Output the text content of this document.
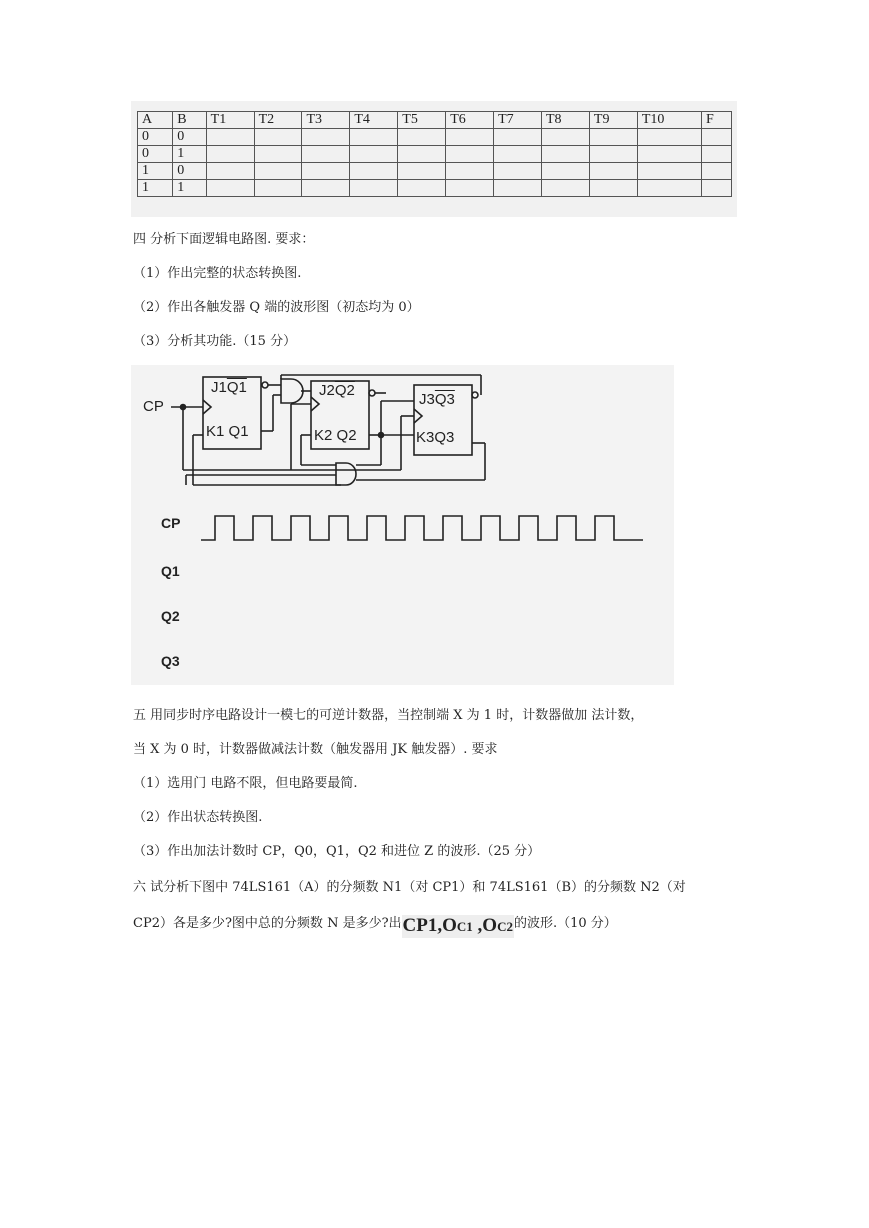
A	B	T1	T2	T3	T4	T5	T6	T7	T8	T9	T10	F
0	0											
0	1											
1	0											
1	1											
四 分析下面逻辑电路图. 要求：
（1）作出完整的状态转换图.
（2）作出各触发器 Q 端的波形图（初态均为 0）
（3）分析其功能.（15 分）
CP
J1Q1
K1 Q1
J2Q2
K2 Q2
J3Q3
K3Q3
CP
Q1
Q2
Q3
五 用同步时序电路设计一模七的可逆计数器，当控制端 X 为 1 时，计数器做加 法计数，
当 X 为 0 时，计数器做减法计数（触发器用 JK 触发器）. 要求
（1）选用门 电路不限，但电路要最简.
（2）作出状态转换图.
（3）作出加法计数时 CP，Q0，Q1，Q2 和进位 Z 的波形.（25 分）
六 试分析下图中 74LS161（A）的分频数 N1（对 CP1）和 74LS161（B）的分频数 N2（对
CP2）各是多少?图中总的分频数 N 是多少?出CP1,OC1 ,OC2的波形.（10 分）
